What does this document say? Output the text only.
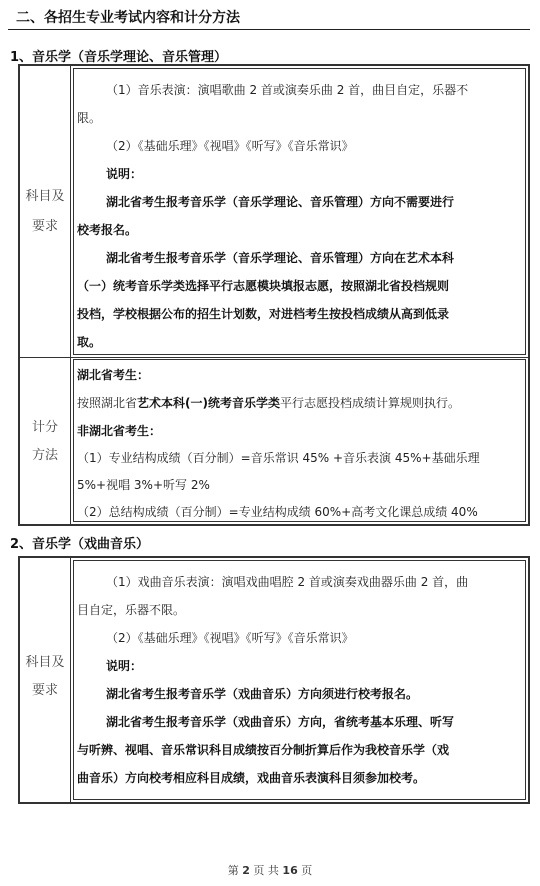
二、各招生专业考试内容和计分方法
1、音乐学（音乐学理论、音乐管理）
科目及
要求
（1）音乐表演：演唱歌曲 2 首或演奏乐曲 2 首，曲目自定，乐器不
限。
（2）《基础乐理》《视唱》《听写》《音乐常识》
说明：
湖北省考生报考音乐学（音乐学理论、音乐管理）方向不需要进行
校考报名。
湖北省考生报考音乐学（音乐学理论、音乐管理）方向在艺术本科
（一）统考音乐学类选择平行志愿模块填报志愿，按照湖北省投档规则
投档，学校根据公布的招生计划数，对进档考生按投档成绩从高到低录
取。
计分
方法
湖北省考生：
按照湖北省艺术本科(一)统考音乐学类平行志愿投档成绩计算规则执行。
非湖北省考生：
（1）专业结构成绩（百分制）=音乐常识 45% +音乐表演 45%+基础乐理
5%+视唱 3%+听写 2%
（2）总结构成绩（百分制）=专业结构成绩 60%+高考文化课总成绩 40%
2、音乐学（戏曲音乐）
科目及
要求
（1）戏曲音乐表演：演唱戏曲唱腔 2 首或演奏戏曲器乐曲 2 首，曲
目自定，乐器不限。
（2）《基础乐理》《视唱》《听写》《音乐常识》
说明：
湖北省考生报考音乐学（戏曲音乐）方向须进行校考报名。
湖北省考生报考音乐学（戏曲音乐）方向，省统考基本乐理、听写
与听辨、视唱、音乐常识科目成绩按百分制折算后作为我校音乐学（戏
曲音乐）方向校考相应科目成绩，戏曲音乐表演科目须参加校考。
第 2 页 共 16 页
